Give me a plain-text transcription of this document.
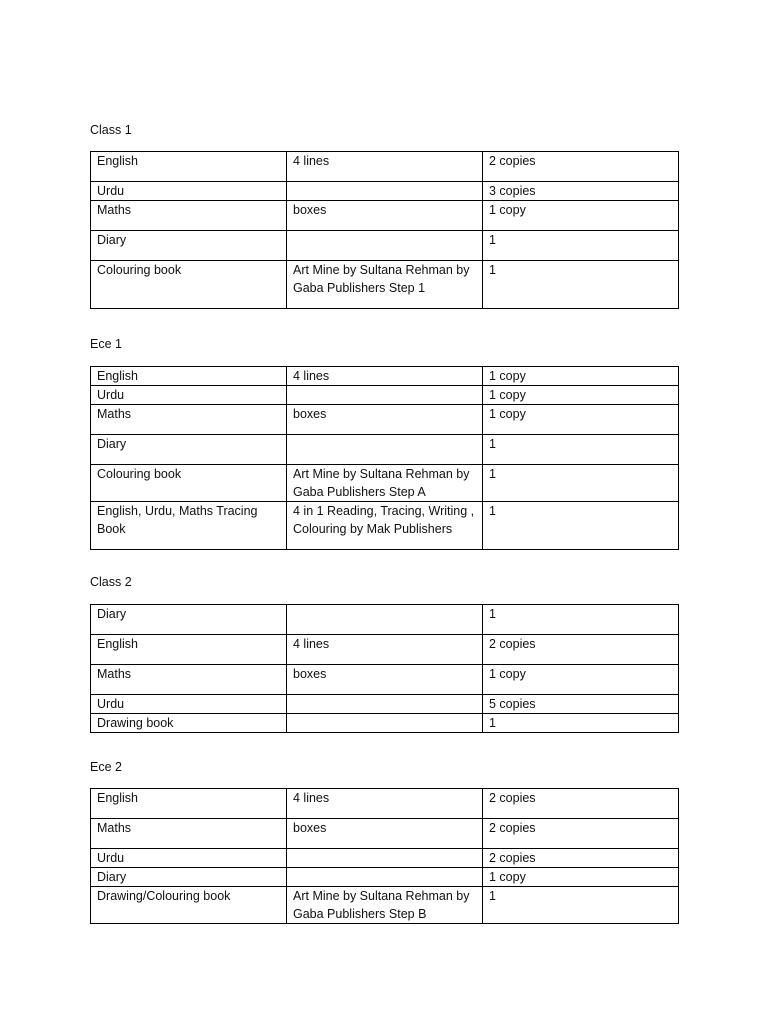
Class 1
English	4 lines	2 copies
Urdu		3 copies
Maths	boxes	1 copy
Diary		1
Colouring book	Art Mine by Sultana Rehman by Gaba Publishers Step 1	1
Ece 1
English	4 lines	1 copy
Urdu		1 copy
Maths	boxes	1 copy
Diary		1
Colouring book	Art Mine by Sultana Rehman by Gaba Publishers Step A	1
English, Urdu, Maths Tracing Book	4 in 1 Reading, Tracing, Writing , Colouring by Mak Publishers	1
Class 2
Diary		1
English	4 lines	2 copies
Maths	boxes	1 copy
Urdu		5 copies
Drawing book		1
Ece 2
English	4 lines	2 copies
Maths	boxes	2 copies
Urdu		2 copies
Diary		1 copy
Drawing/Colouring book	Art Mine by Sultana Rehman by Gaba Publishers Step B	1
